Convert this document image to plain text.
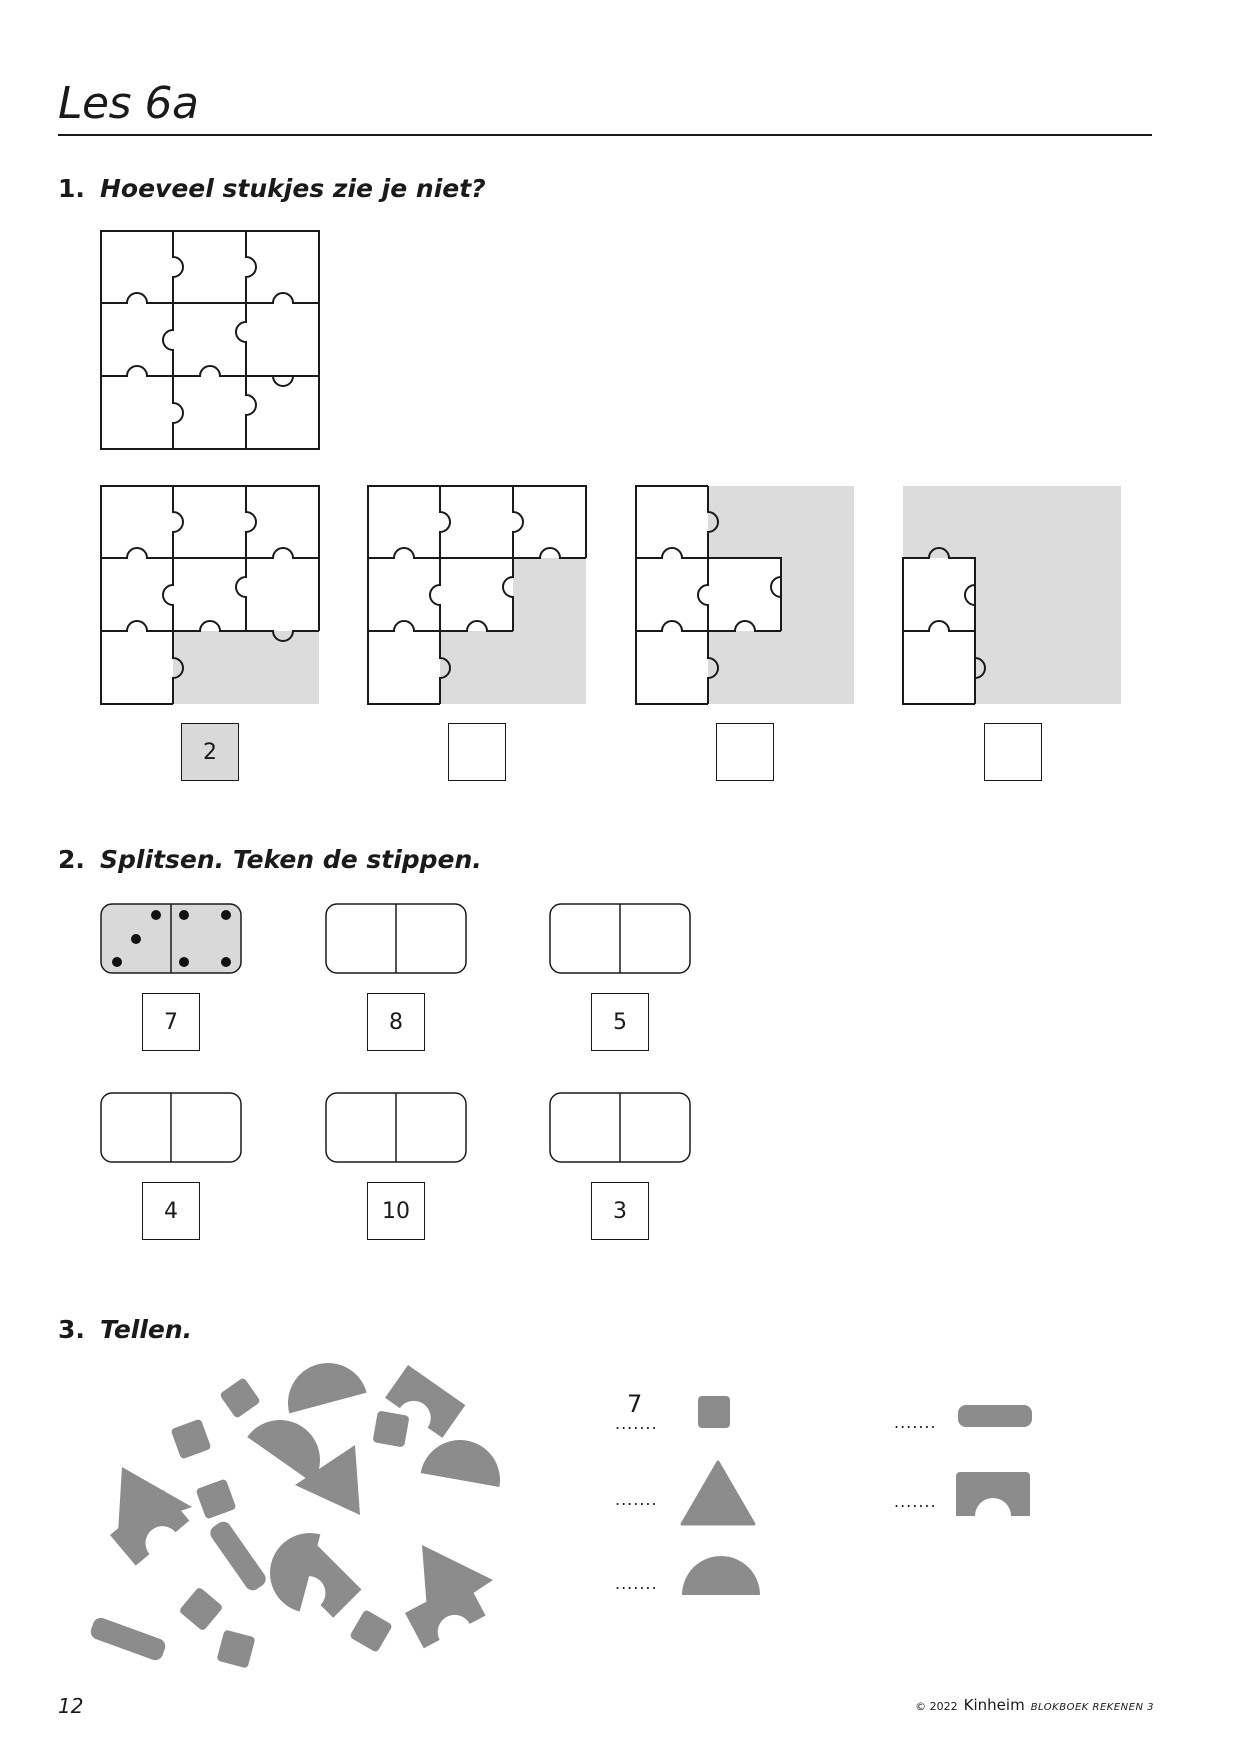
Les 6a
1. Hoeveel stukjes zie je niet?
2
2. Splitsen. Teken de stippen.
7	8	5
4	10	3
3. Tellen.
.......
7
.......
.......
.......
.......
12	© 2022 Kinheim BLOKBOEK REKENEN 3
